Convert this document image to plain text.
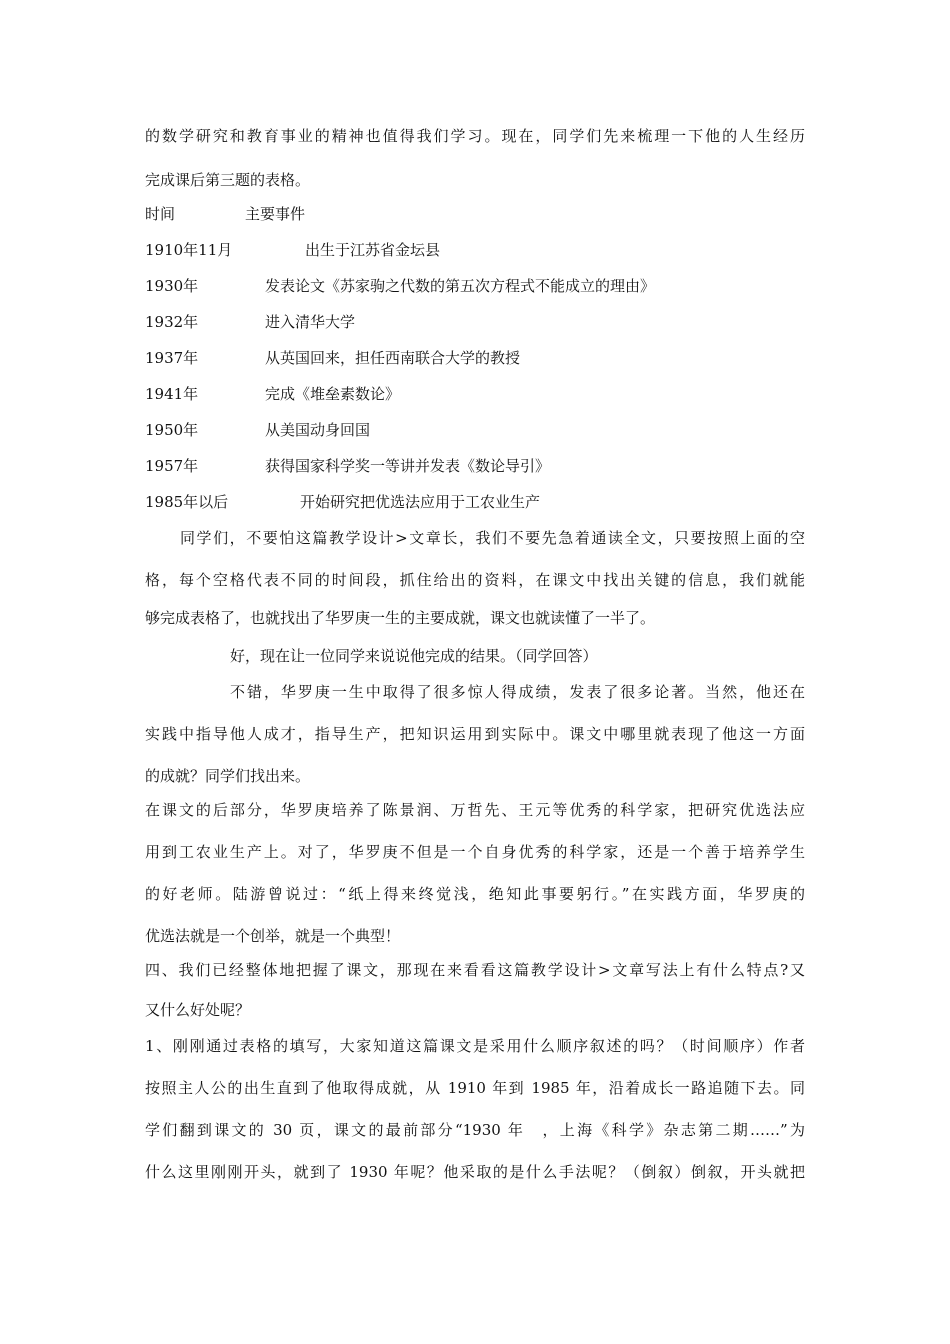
的数学研究和教育事业的精神也值得我们学习。现在，同学们先来梳理一下他的人生经历
完成课后第三题的表格。
时间	主要事件
1910年11月	出生于江苏省金坛县
1930年	发表论文《苏家驹之代数的第五次方程式不能成立的理由》
1932年	进入清华大学
1937年	从英国回来，担任西南联合大学的教授
1941年	完成《堆垒素数论》
1950年	从美国动身回国
1957年	获得国家科学奖一等讲并发表《数论导引》
1985年以后	开始研究把优选法应用于工农业生产
同学们，不要怕这篇教学设计>文章长，我们不要先急着通读全文，只要按照上面的空
格，每个空格代表不同的时间段，抓住给出的资料，在课文中找出关键的信息，我们就能
够完成表格了，也就找出了华罗庚一生的主要成就，课文也就读懂了一半了。
好，现在让一位同学来说说他完成的结果。（同学回答）
不错，华罗庚一生中取得了很多惊人得成绩，发表了很多论著。当然，他还在
实践中指导他人成才，指导生产，把知识运用到实际中。课文中哪里就表现了他这一方面
的成就？同学们找出来。
在课文的后部分，华罗庚培养了陈景润、万哲先、王元等优秀的科学家，把研究优选法应
用到工农业生产上。对了，华罗庚不但是一个自身优秀的科学家，还是一个善于培养学生
的好老师。陆游曾说过：“纸上得来终觉浅，绝知此事要躬行。”在实践方面，华罗庚的
优选法就是一个创举，就是一个典型！
四、我们已经整体地把握了课文，那现在来看看这篇教学设计>文章写法上有什么特点?又
又什么好处呢？
1、刚刚通过表格的填写，大家知道这篇课文是采用什么顺序叙述的吗？（时间顺序）作者
按照主人公的出生直到了他取得成就，从 1910 年到 1985 年，沿着成长一路追随下去。同
学们翻到课文的 30 页，课文的最前部分“1930 年　，上海《科学》杂志第二期……”为
什么这里刚刚开头，就到了 1930 年呢？他采取的是什么手法呢？（倒叙）倒叙，开头就把
